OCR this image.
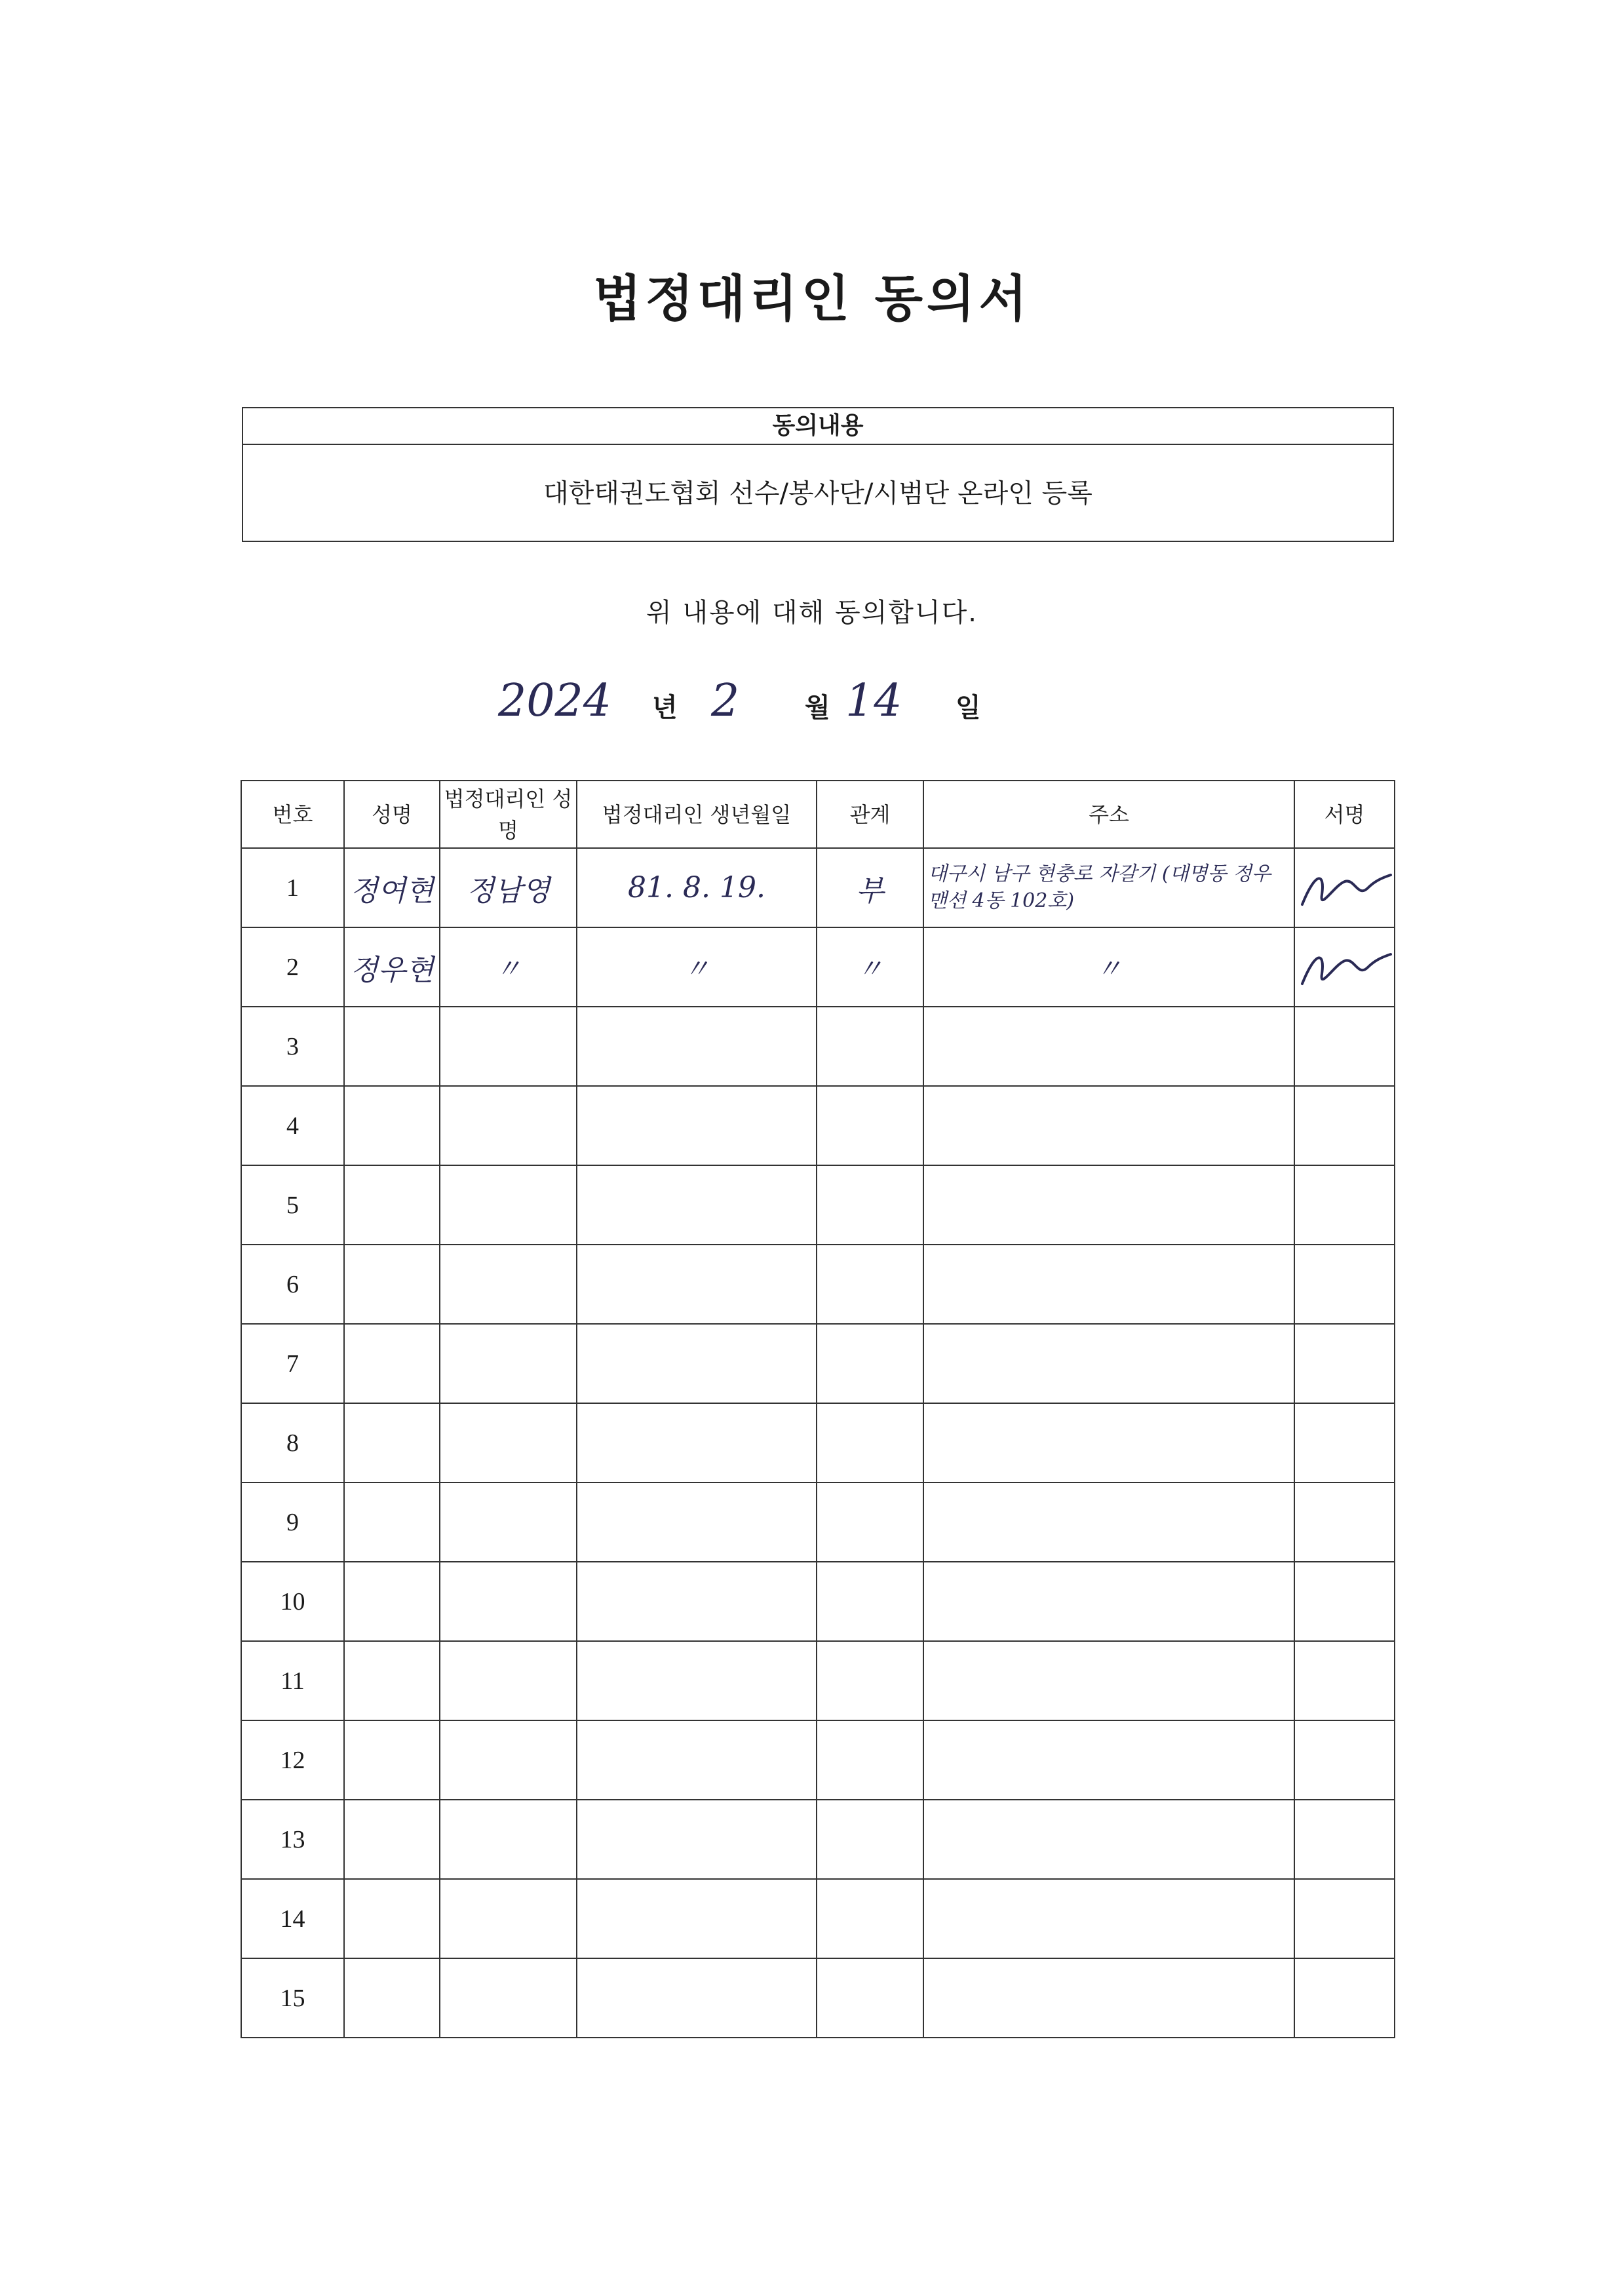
법정대리인 동의서
동의내용
대한태권도협회 선수/봉사단/시범단 온라인 등록
위 내용에 대해 동의합니다.
2024 년 2 월 14 일
번호	성명	법정대리인 성명	법정대리인 생년월일	관계	주소	서명
1	정여현	정남영	81. 8. 19.	부	대구시 남구 현충로 자갈기 (대명동 정우맨션 4동 102호)

2	정우현	〃	〃	〃	〃

3	

4	

5	

6	

7	

8	

9	

10	

11	

12	

13	

14	

15	
